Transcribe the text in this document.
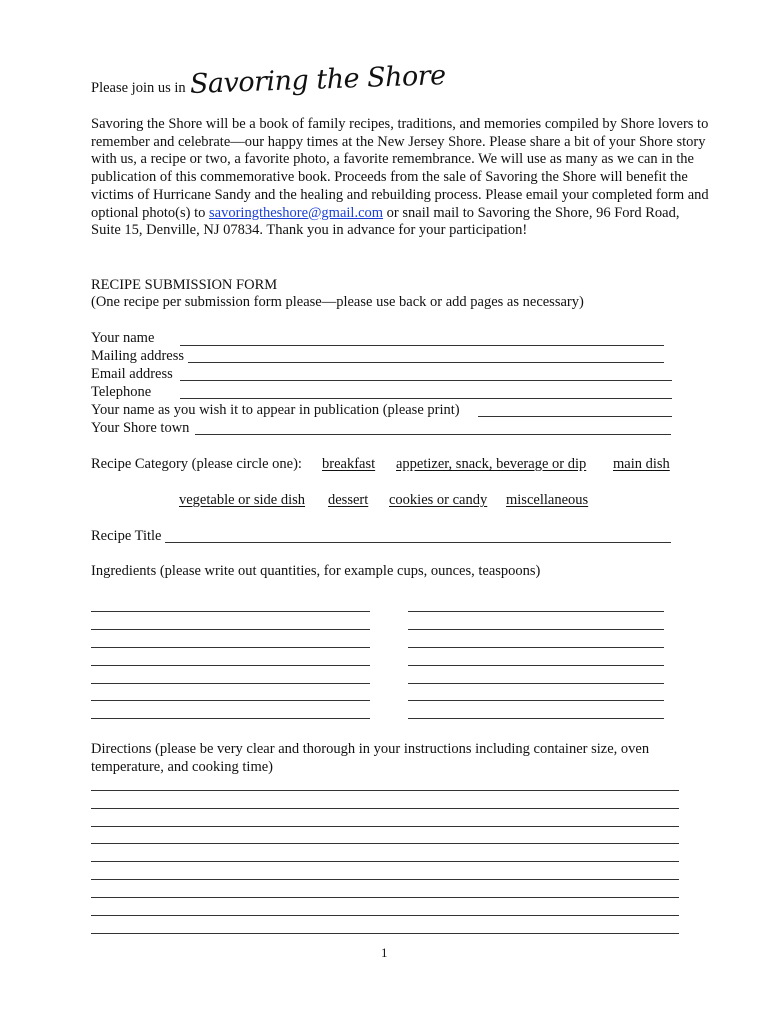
Please join us in Savoring the Shore
Savoring the Shore will be a book of family recipes, traditions, and memories compiled by Shore lovers to remember and celebrate—our happy times at the New Jersey Shore. Please share a bit of your Shore story with us, a recipe or two, a favorite photo, a favorite remembrance. We will use as many as we can in the publication of this commemorative book. Proceeds from the sale of Savoring the Shore will benefit the victims of Hurricane Sandy and the healing and rebuilding process. Please email your completed form and optional photo(s) to savoringtheshore@gmail.com or snail mail to Savoring the Shore, 96 Ford Road, Suite 15, Denville, NJ 07834. Thank you in advance for your participation!
RECIPE SUBMISSION FORM
(One recipe per submission form please—please use back or add pages as necessary)
Your name
Mailing address
Email address
Telephone
Your name as you wish it to appear in publication (please print)
Your Shore town
Recipe Category (please circle one): breakfast appetizer, snack, beverage or dip main dish
vegetable or side dish dessert cookies or candy miscellaneous
Recipe Title
Ingredients (please write out quantities, for example cups, ounces, teaspoons)
Directions (please be very clear and thorough in your instructions including container size, oven
temperature, and cooking time)
1
